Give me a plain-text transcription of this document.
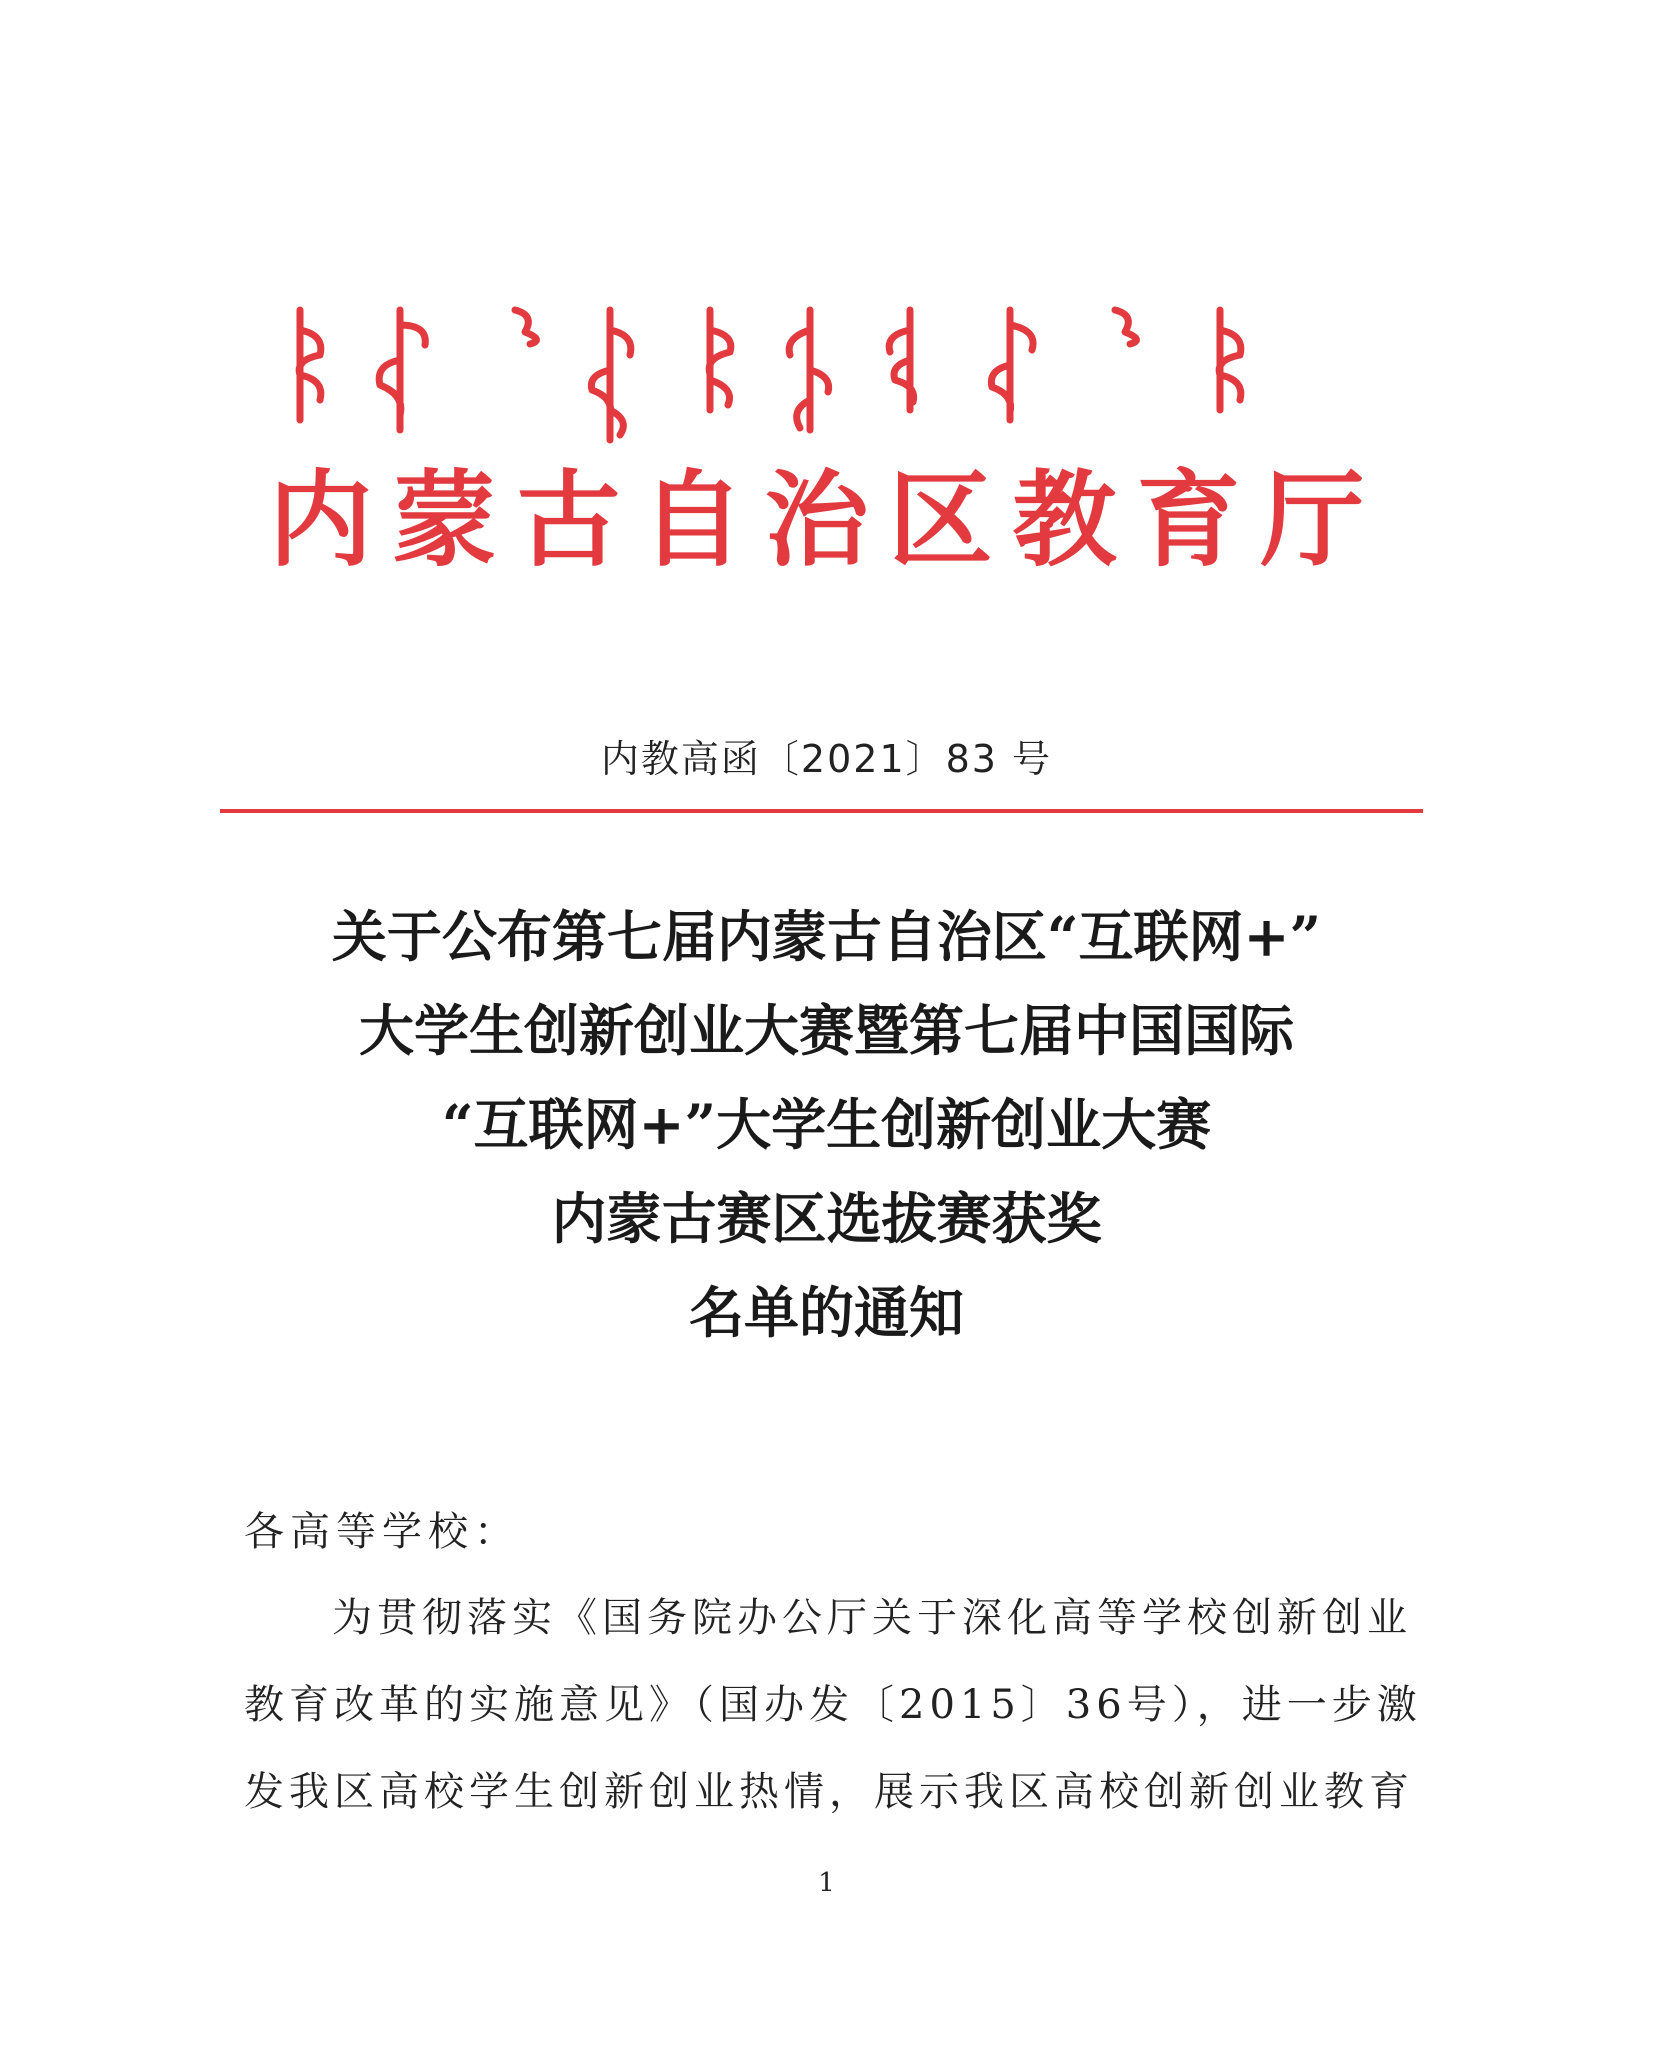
内蒙古自治区教育厅
内教高函〔2021〕83 号
关于公布第七届内蒙古自治区“互联网+”
大学生创新创业大赛暨第七届中国国际
“互联网+”大学生创新创业大赛
内蒙古赛区选拔赛获奖
名单的通知
各高等学校：
为贯彻落实《国务院办公厅关于深化高等学校创新创业
教育改革的实施意见》（国办发〔2015〕36号），进一步激
发我区高校学生创新创业热情，展示我区高校创新创业教育
1
